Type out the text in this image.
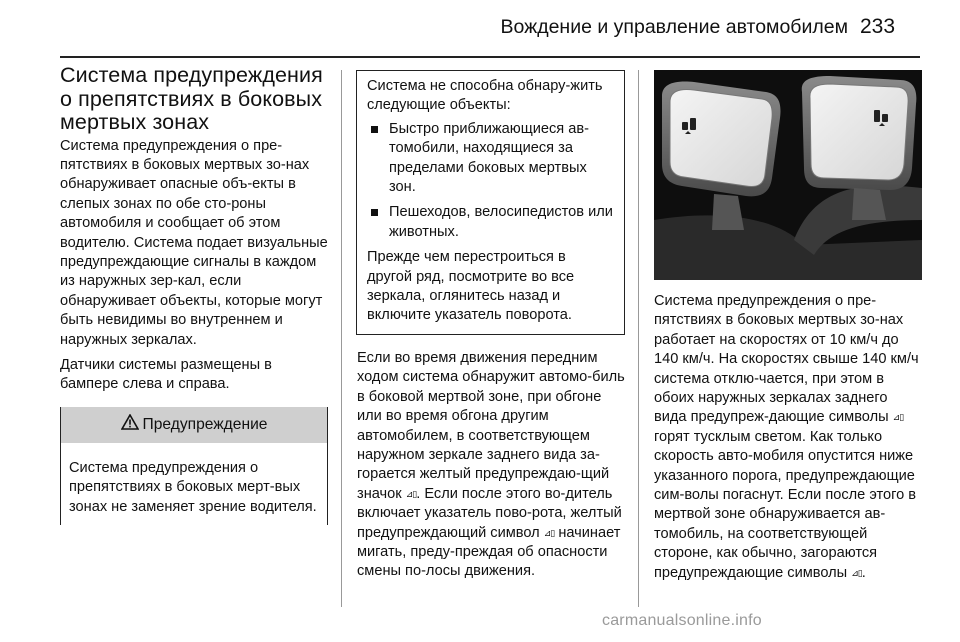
Вождение и управление автомобилем 233
Система предупреждения о препятствиях в боковых мертвых зонах

Система предупреждения о пре-пятствиях в боковых мертвых зо-нах обнаруживает опасные объ-екты в слепых зонах по обе сто-роны автомобиля и сообщает об этом водителю. Система подает визуальные предупреждающие сигналы в каждом из наружных зер-кал, если обнаруживает объекты, которые могут быть невидимы во внутреннем и наружных зеркалах.

Датчики системы размещены в бампере слева и справа.

Предупреждение
Система предупреждения о препятствиях в боковых мерт-вых зонах не заменяет зрение водителя.
Система не способна обнару-жить следующие объекты:
Быстро приближающиеся ав-томобили, находящиеся за пределами боковых мертвых зон.
Пешеходов, велосипедистов или животных.
Прежде чем перестроиться в другой ряд, посмотрите во все зеркала, оглянитесь назад и включите указатель поворота.

Если во время движения передним ходом система обнаружит автомо-биль в боковой мертвой зоне, при обгоне или во время обгона другим автомобилем, в соответствующем наружном зеркале заднего вида за-горается желтый предупреждаю-щий значок ⊿▯. Если после этого во-дитель включает указатель пово-рота, желтый предупреждающий символ ⊿▯ начинает мигать, преду-преждая об опасности смены по-лосы движения.

Система предупреждения о пре-пятствиях в боковых мертвых зо-нах работает на скоростях от 10 км/ч до 140 км/ч. На скоростях свыше 140 км/ч система отклю-чается, при этом в обоих наружных зеркалах заднего вида предупреж-дающие символы ⊿▯ горят тусклым светом. Как только скорость авто-мобиля опустится ниже указанного порога, предупреждающие сим-волы погаснут. Если после этого в мертвой зоне обнаруживается ав-томобиль, на соответствующей стороне, как обычно, загораются предупреждающие символы ⊿▯.

carmanualsonline.info
